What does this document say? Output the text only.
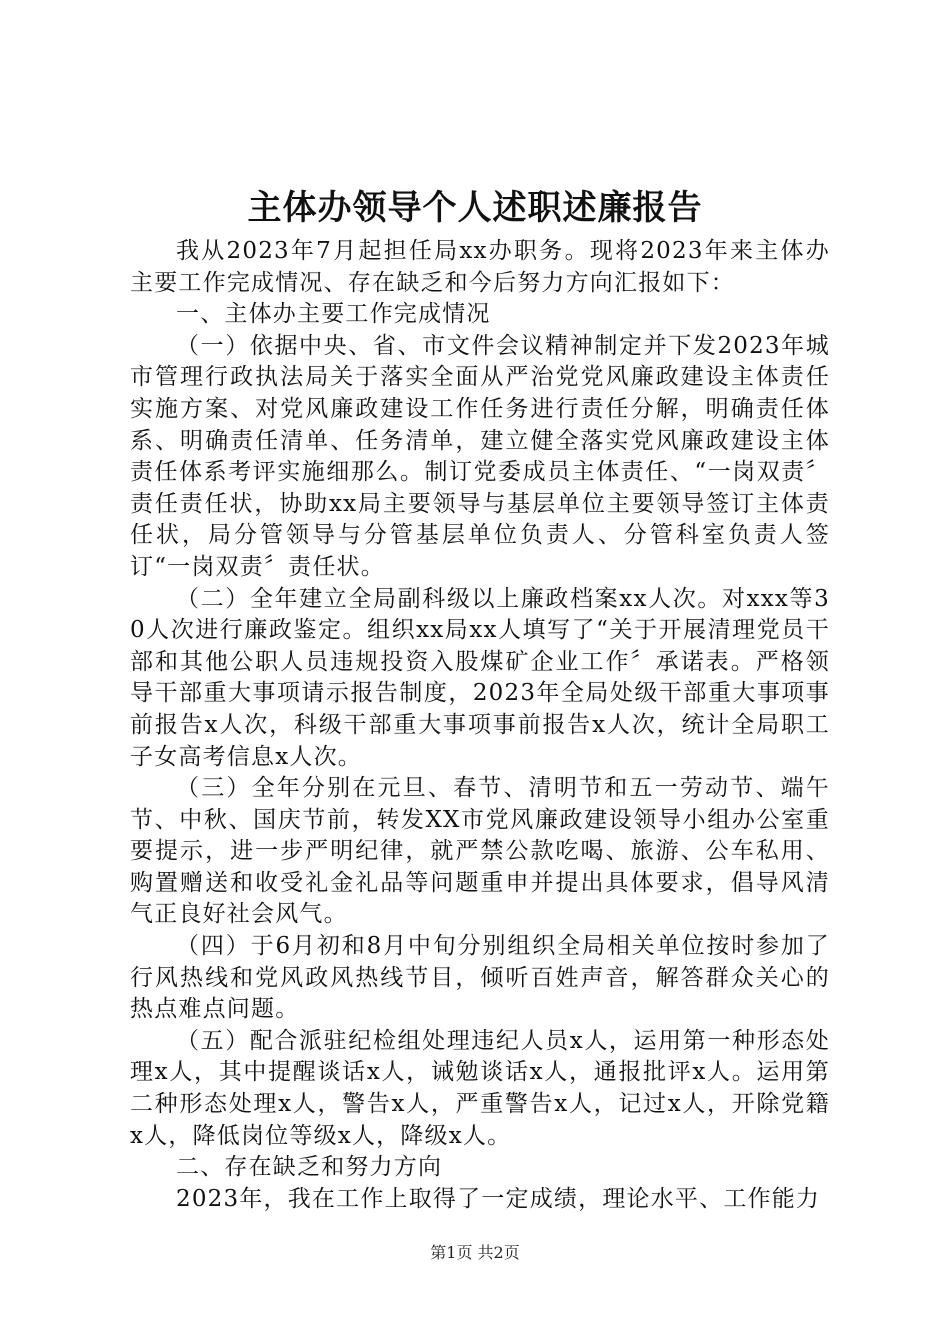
主体办领导个人述职述廉报告

我从2023年7月起担任局xx办职务。现将2023年来主体办主要工作完成情况、存在缺乏和今后努力方向汇报如下：

一、主体办主要工作完成情况

（一）依据中央、省、市文件会议精神制定并下发2023年城市管理行政执法局关于落实全面从严治党党风廉政建设主体责任实施方案、对党风廉政建设工作任务进行责任分解，明确责任体系、明确责任清单、任务清单，建立健全落实党风廉政建设主体责任体系考评实施细那么。制订党委成员主体责任、“一岗双责〞责任责任状，协助xx局主要领导与基层单位主要领导签订主体责任状，局分管领导与分管基层单位负责人、分管科室负责人签订“一岗双责〞责任状。

（二）全年建立全局副科级以上廉政档案xx人次。对xxx等30人次进行廉政鉴定。组织xx局xx人填写了“关于开展清理党员干部和其他公职人员违规投资入股煤矿企业工作〞承诺表。严格领导干部重大事项请示报告制度，2023年全局处级干部重大事项事前报告x人次，科级干部重大事项事前报告x人次，统计全局职工子女高考信息x人次。

（三）全年分别在元旦、春节、清明节和五一劳动节、端午节、中秋、国庆节前，转发XX市党风廉政建设领导小组办公室重要提示，进一步严明纪律，就严禁公款吃喝、旅游、公车私用、购置赠送和收受礼金礼品等问题重申并提出具体要求，倡导风清气正良好社会风气。

（四）于6月初和8月中旬分别组织全局相关单位按时参加了行风热线和党风政风热线节目，倾听百姓声音，解答群众关心的热点难点问题。

（五）配合派驻纪检组处理违纪人员x人，运用第一种形态处理x人，其中提醒谈话x人，诫勉谈话x人，通报批评x人。运用第二种形态处理x人，警告x人，严重警告x人，记过x人，开除党籍x人，降低岗位等级x人，降级x人。

二、存在缺乏和努力方向

2023年，我在工作上取得了一定成绩，理论水平、工作能力

第1页 共2页
